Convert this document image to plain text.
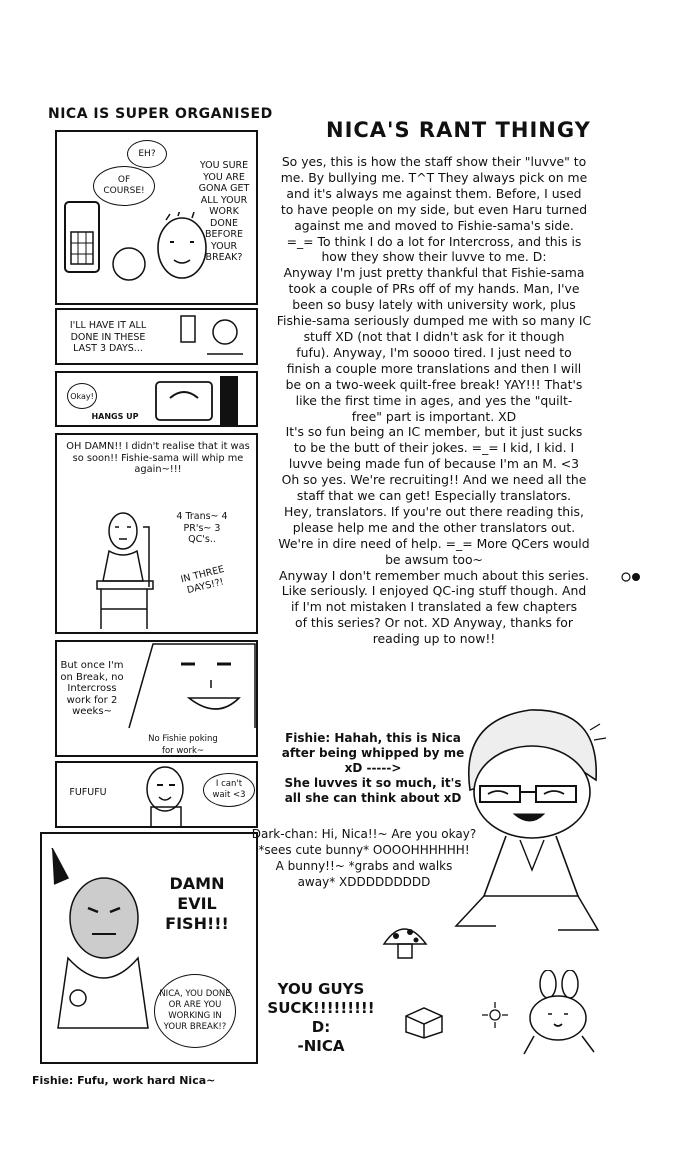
NICA IS SUPER ORGANISED
EH?
OF COURSE!
YOU SURE YOU ARE GONA GET ALL YOUR WORK DONE BEFORE YOUR BREAK?
I'LL HAVE IT ALL DONE IN THESE LAST 3 DAYS...
Okay!
HANGS UP
OH DAMN!! I didn't realise that it was so soon!! Fishie-sama will whip me again~!!!
4 Trans~ 4 PR's~ 3 QC's..
IN THREE DAYS!?!
But once I'm on Break, no Intercross work for 2 weeks~
No Fishie poking for work~
FUFUFU
I can't wait <3
DAMN EVIL FISH!!!
NICA, YOU DONE OR ARE YOU WORKING IN YOUR BREAK!?
Fishie: Fufu, work hard Nica~
NICA'S RANT THINGY
So yes, this is how the staff show their "luvve" to
me. By bullying me. T^T They always pick on me
and it's always me against them. Before, I used
to have people on my side, but even Haru turned
against me and moved to Fishie-sama's side.
=_= To think I do a lot for Intercross, and this is
how they show their luvve to me. D:
Anyway I'm just pretty thankful that Fishie-sama
took a couple of PRs off of my hands. Man, I've
been so busy lately with university work, plus
Fishie-sama seriously dumped me with so many IC
stuff XD (not that I didn't ask for it though
fufu). Anyway, I'm soooo tired. I just need to
finish a couple more translations and then I will
be on a two-week quilt-free break! YAY!!! That's
like the first time in ages, and yes the "quilt-
free" part is important. XD
It's so fun being an IC member, but it just sucks
to be the butt of their jokes. =_= I kid, I kid. I
luvve being made fun of because I'm an M. <3
Oh so yes. We're recruiting!! And we need all the
staff that we can get! Especially translators.
Hey, translators. If you're out there reading this,
please help me and the other translators out.
We're in dire need of help. =_= More QCers would
be awsum too~
Anyway I don't remember much about this series.
Like seriously. I enjoyed QC-ing stuff though. And
if I'm not mistaken I translated a few chapters
of this series? Or not. XD Anyway, thanks for
reading up to now!!
Fishie: Hahah, this is Nica
after being whipped by me
xD ----->
She luvves it so much, it's
all she can think about xD
Dark-chan: Hi, Nica!!~ Are you okay?
*sees cute bunny* OOOOHHHHHH!
A bunny!!~ *grabs and walks
away* XDDDDDDDDD
YOU GUYS
SUCK!!!!!!!!! D:
-NICA
